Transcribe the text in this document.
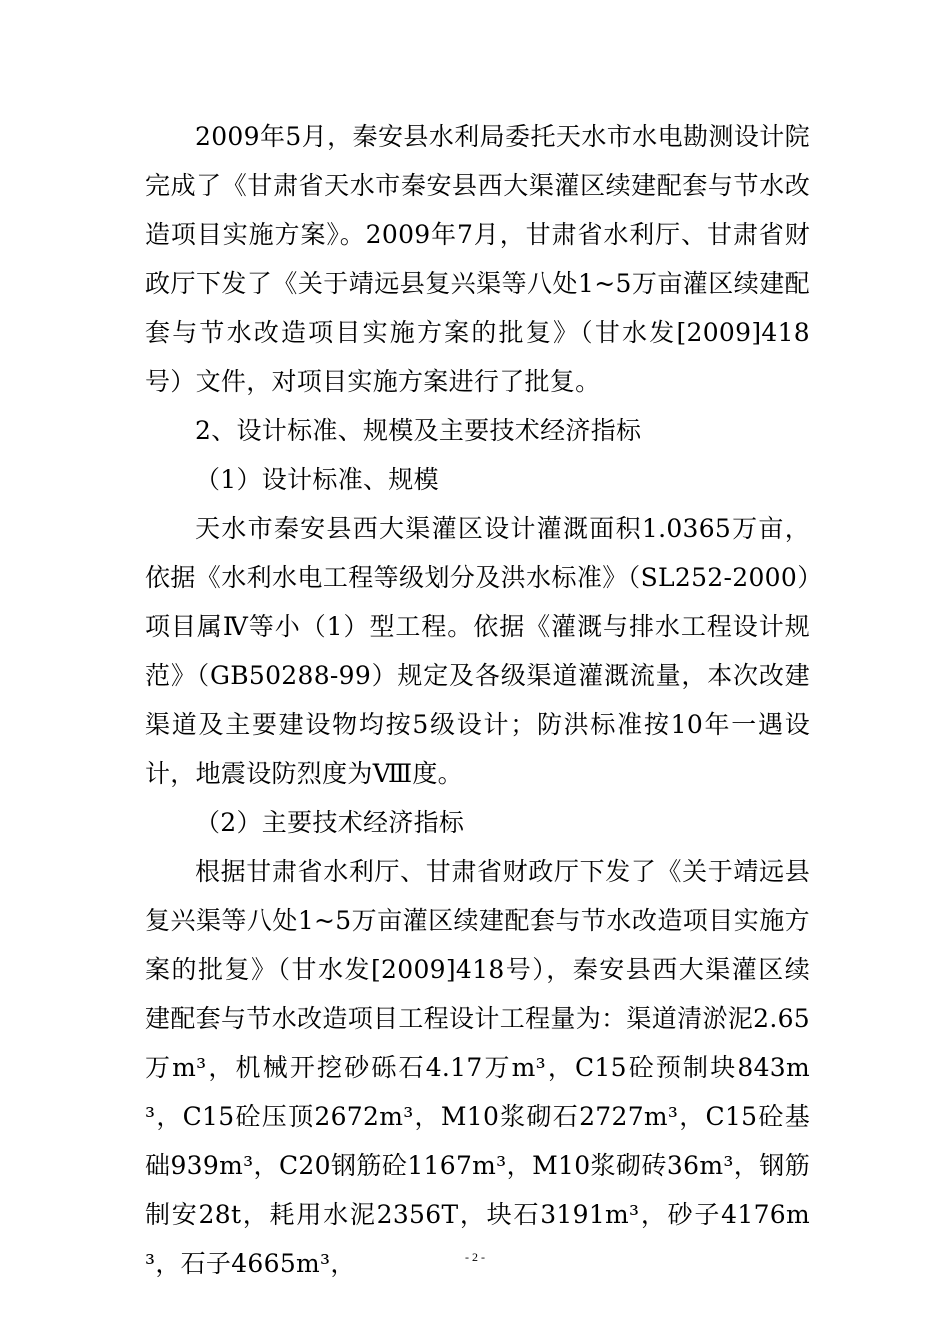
2009年5月，秦安县水利局委托天水市水电勘测设计院完成了《甘肃省天水市秦安县西大渠灌区续建配套与节水改造项目实施方案》。2009年7月，甘肃省水利厅、甘肃省财政厅下发了《关于靖远县复兴渠等八处1~5万亩灌区续建配套与节水改造项目实施方案的批复》（甘水发[2009]418号）文件，对项目实施方案进行了批复。

2、设计标准、规模及主要技术经济指标

（1）设计标准、规模

天水市秦安县西大渠灌区设计灌溉面积1.0365万亩，依据《水利水电工程等级划分及洪水标准》（SL252-2000）项目属Ⅳ等小（1）型工程。依据《灌溉与排水工程设计规范》（GB50288-99）规定及各级渠道灌溉流量，本次改建渠道及主要建设物均按5级设计；防洪标准按10年一遇设计，地震设防烈度为Ⅷ度。

（2）主要技术经济指标

根据甘肃省水利厅、甘肃省财政厅下发了《关于靖远县复兴渠等八处1~5万亩灌区续建配套与节水改造项目实施方案的批复》（甘水发[2009]418号），秦安县西大渠灌区续建配套与节水改造项目工程设计工程量为：渠道清淤泥2.65万m³，机械开挖砂砾石4.17万m³，C15砼预制块843m³，C15砼压顶2672m³，M10浆砌石2727m³，C15砼基础939m³，C20钢筋砼1167m³，M10浆砌砖36m³，钢筋制安28t，耗用水泥2356T，块石3191m³，砂子4176m³，石子4665m³，	- 2 -
